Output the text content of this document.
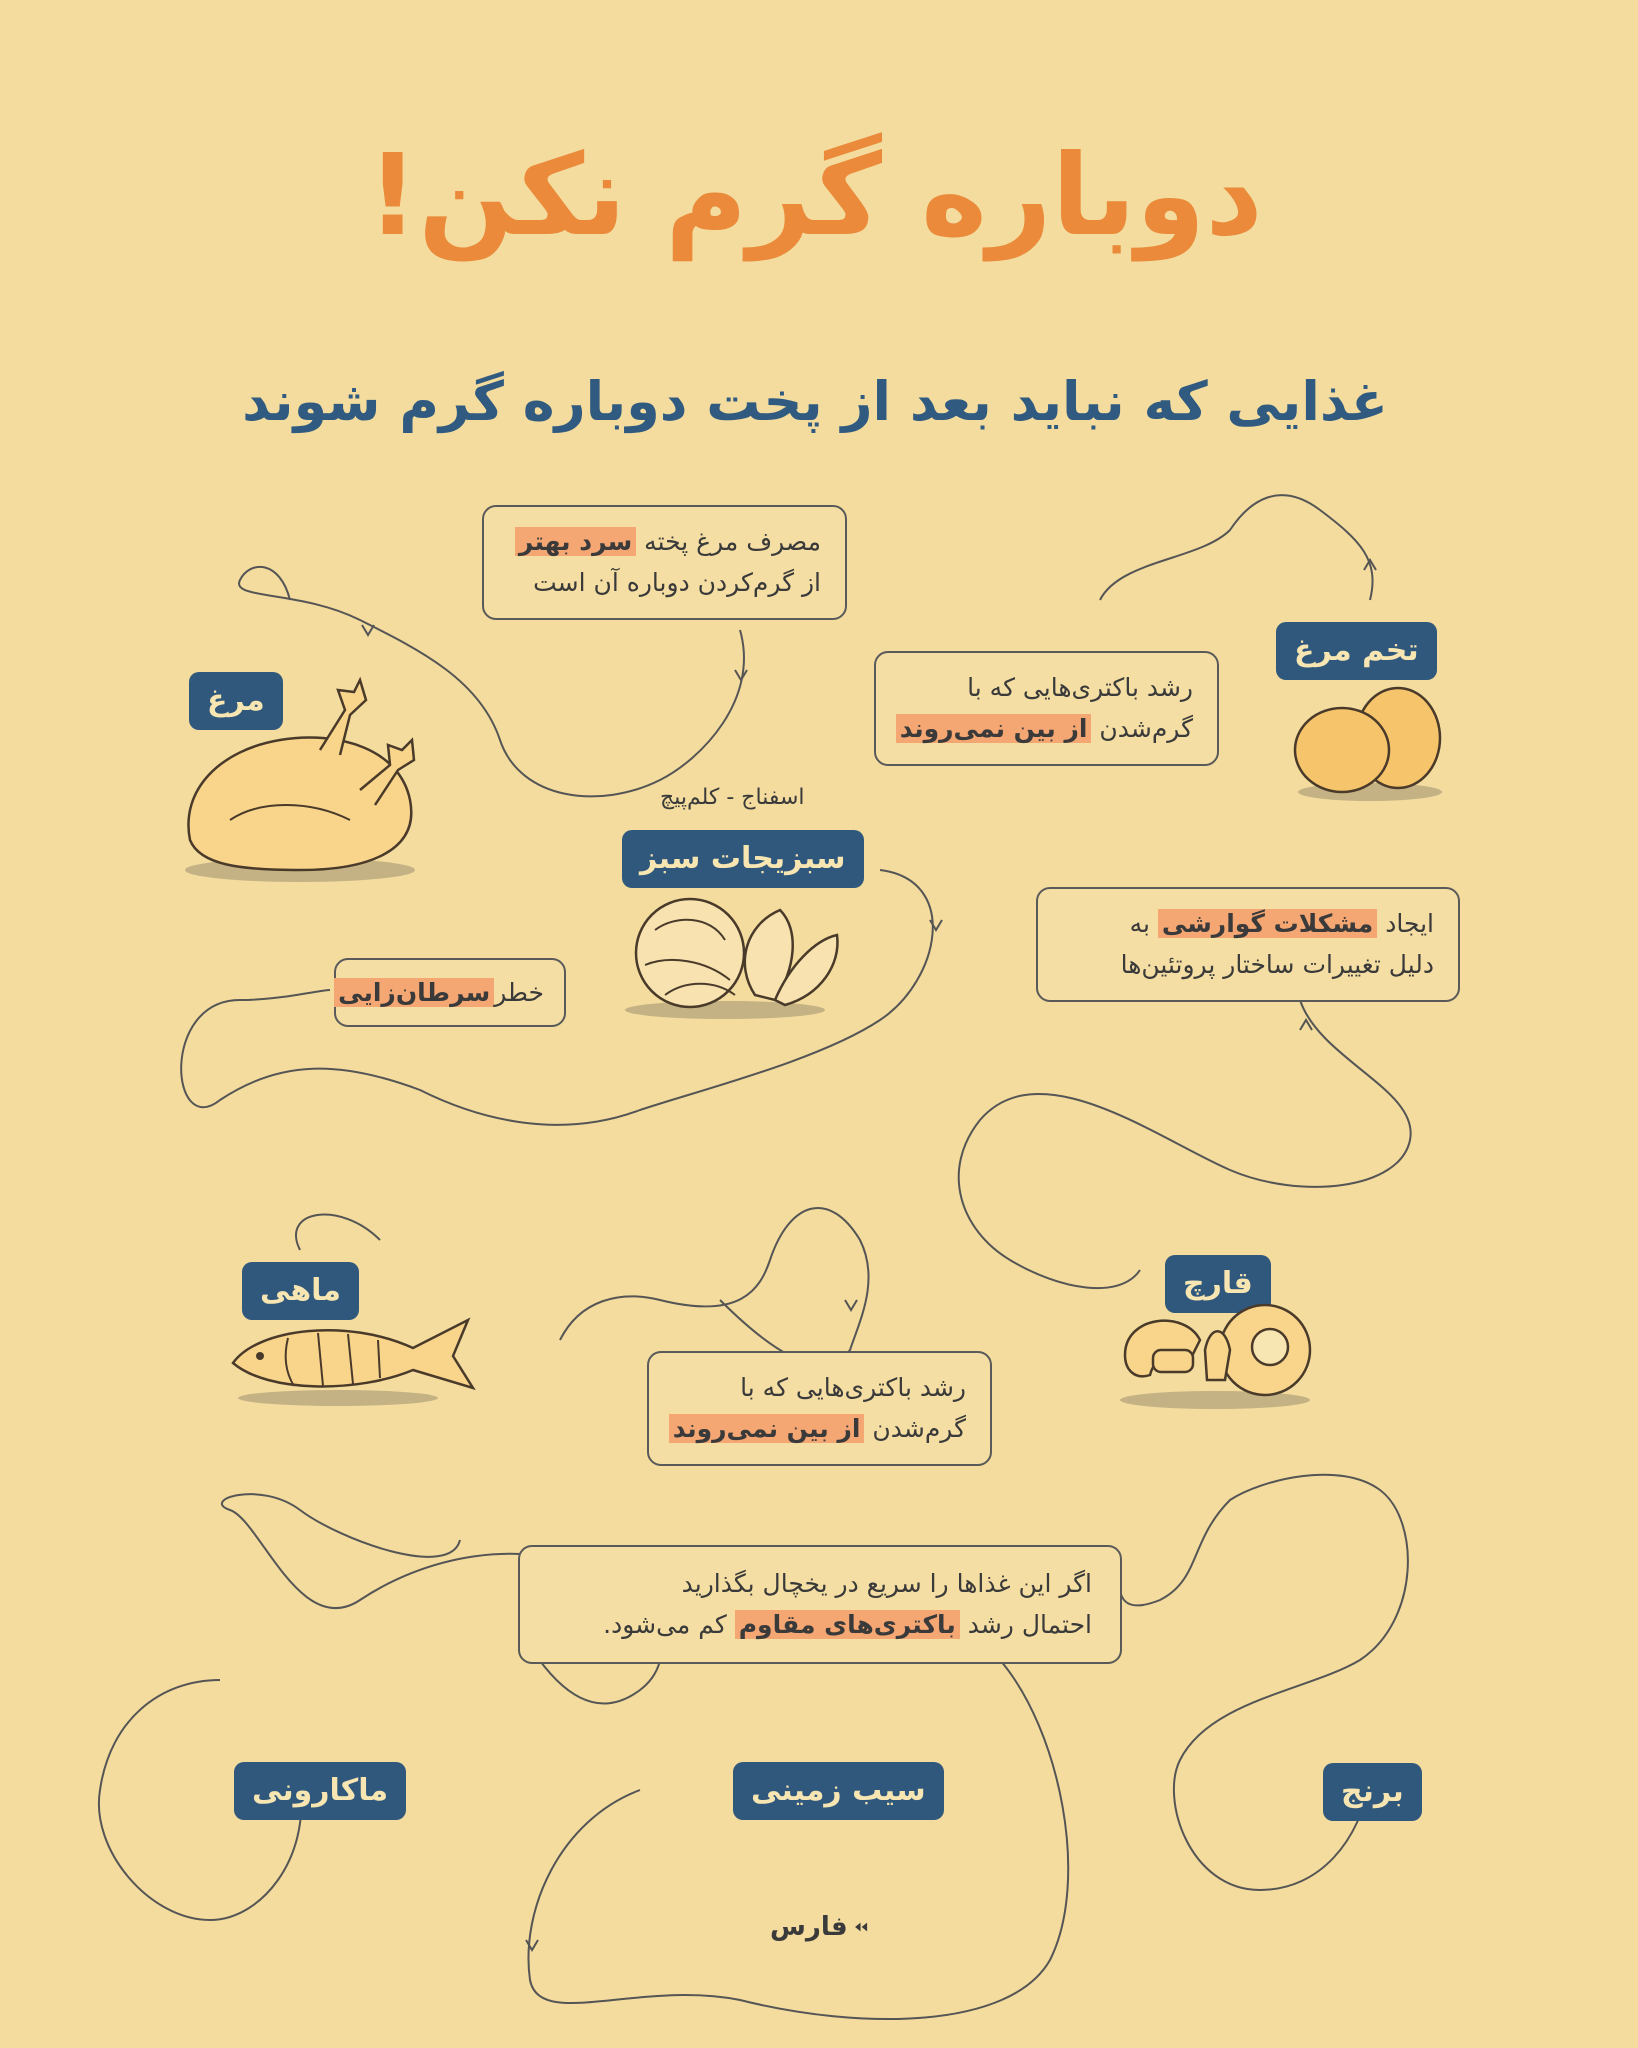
دوباره گرم نکن!
غذایی که نباید بعد از پخت دوباره گرم شوند
مصرف مرغ پخته سرد بهتر
از گرم‌کردن دوباره آن است
رشد باکتری‌هایی که با
گرم‌شدن از بین نمی‌روند
خطرسرطان‌زایی
ایجاد مشکلات گوارشی به
دلیل تغییرات ساختار پروتئین‌ها
رشد باکتری‌هایی که با
گرم‌شدن از بین نمی‌روند
اگر این غذاها را سریع در یخچال بگذارید
احتمال رشد باکتری‌های مقاوم کم می‌شود.
تخم مرغ
مرغ
سبزیجات سبز
اسفناج - کلم‌پیچ
قارچ
ماهی
برنج
سیب زمینی
ماکارونی
فارس
